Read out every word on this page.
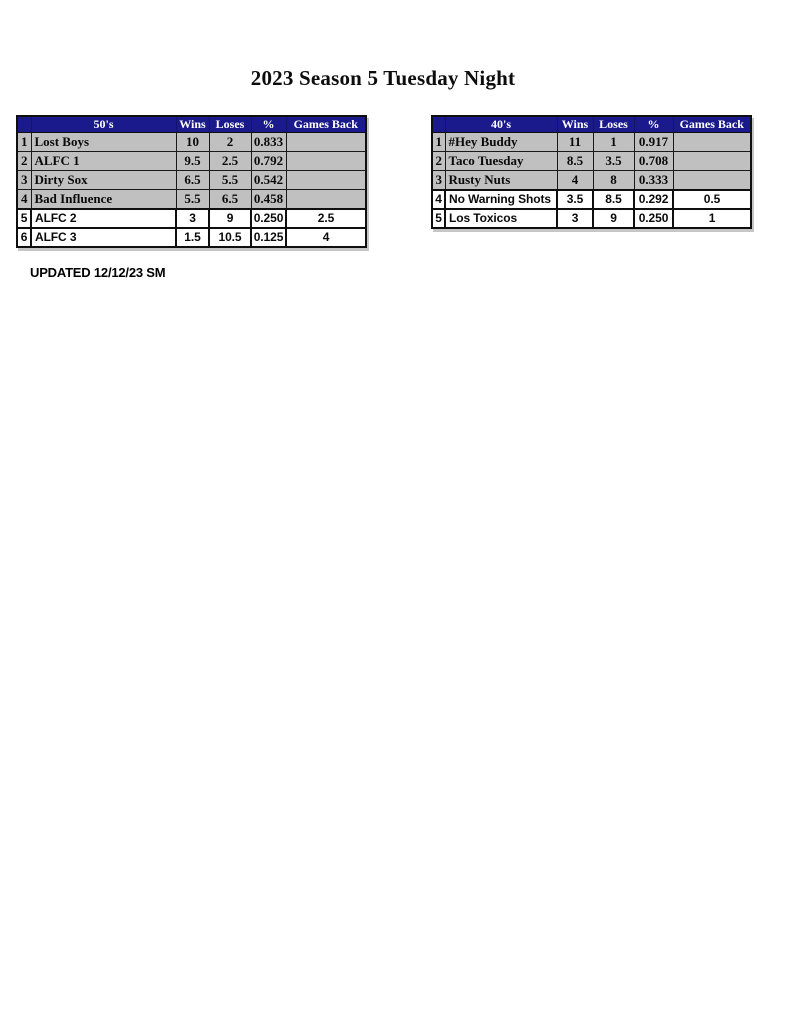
2023 Season 5 Tuesday Night
	50's	Wins	Loses	%	Games Back
1	Lost Boys	10	2	0.833	
2	ALFC 1	9.5	2.5	0.792	
3	Dirty Sox	6.5	5.5	0.542	
4	Bad Influence	5.5	6.5	0.458	
5	ALFC 2	3	9	0.250	2.5
6	ALFC 3	1.5	10.5	0.125	4
	40's	Wins	Loses	%	Games Back
1	#Hey Buddy	11	1	0.917	
2	Taco Tuesday	8.5	3.5	0.708	
3	Rusty Nuts	4	8	0.333	
4	No Warning Shots	3.5	8.5	0.292	0.5
5	Los Toxicos	3	9	0.250	1
UPDATED 12/12/23 SM
